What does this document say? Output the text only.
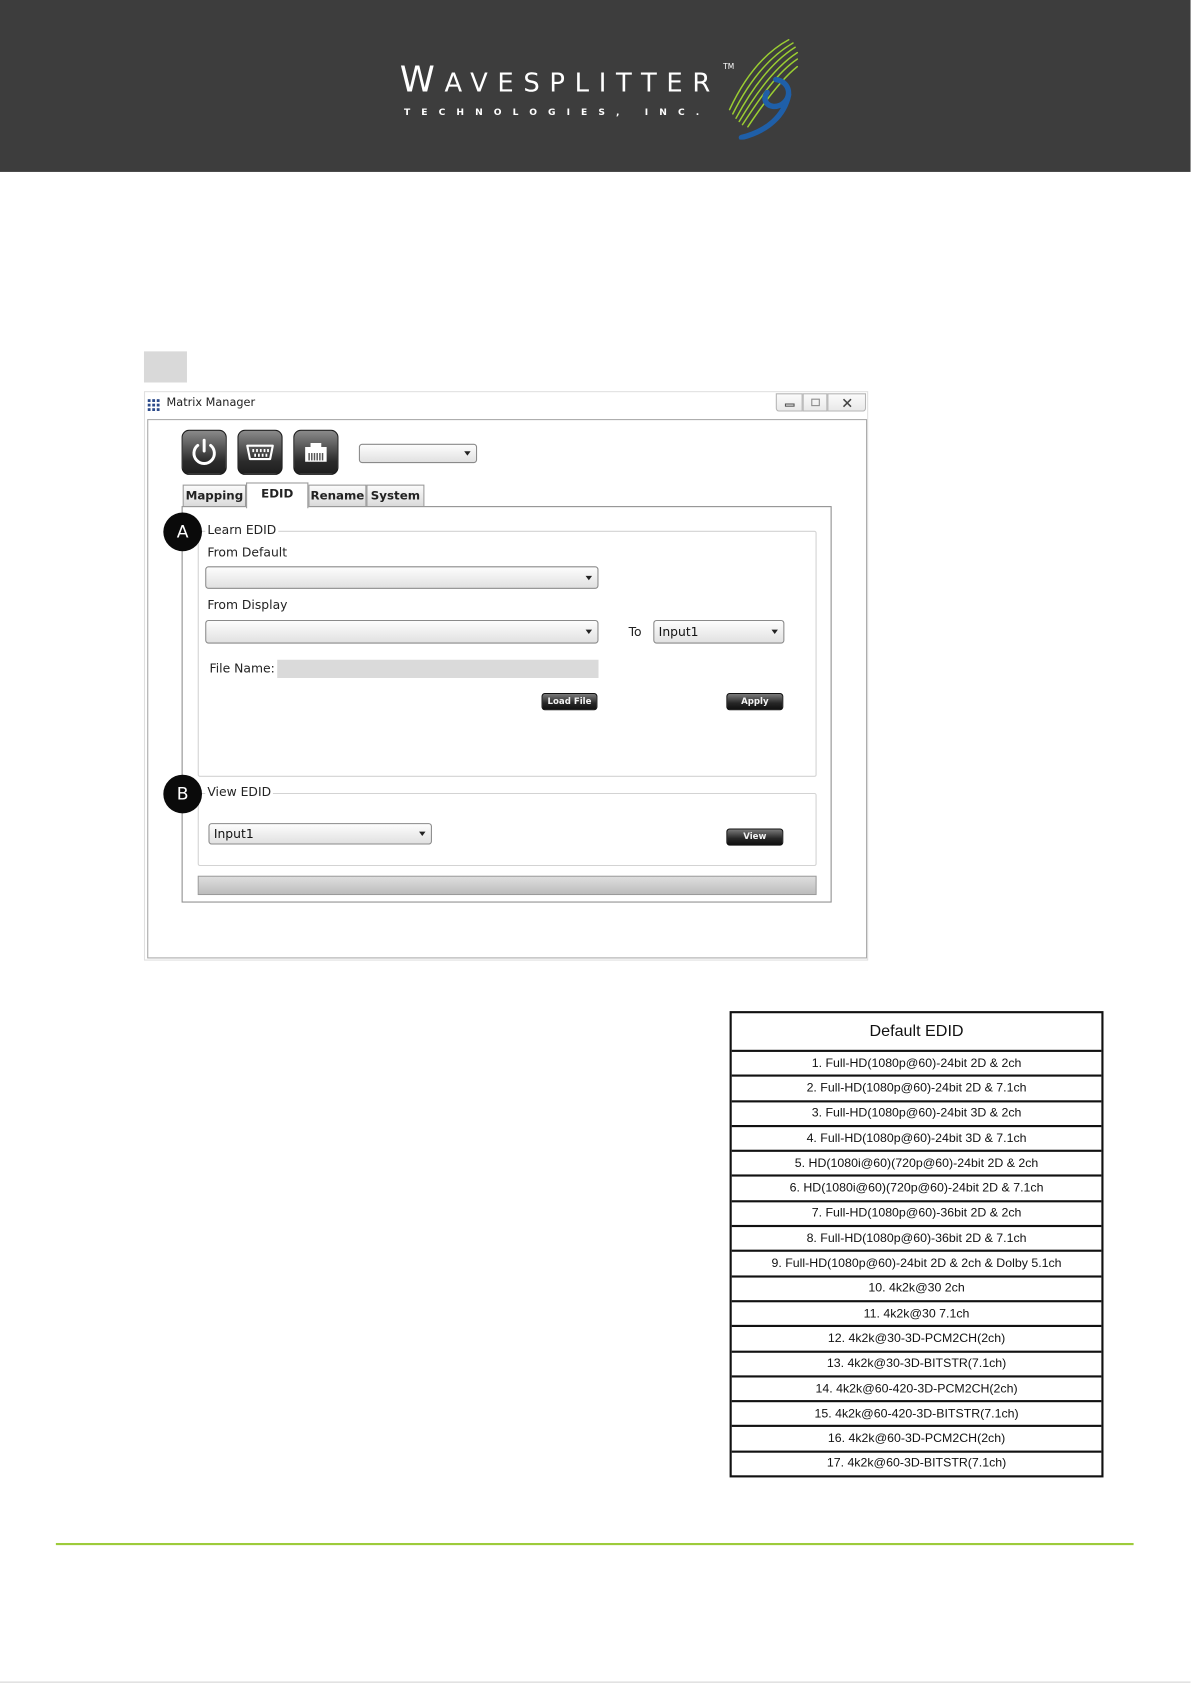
WAVESPLITTER
TM
TECHNOLOGIES, INC.
Matrix Manager
Mapping	EDID	Rename System
Learn EDID
A
From Default
From Display
To	Input1
File Name:
Load File	Apply
View EDID
B
Input1	View
Default EDID
1. Full-HD(1080p@60)-24bit 2D & 2ch
2. Full-HD(1080p@60)-24bit 2D & 7.1ch
3. Full-HD(1080p@60)-24bit 3D & 2ch
4. Full-HD(1080p@60)-24bit 3D & 7.1ch
5. HD(1080i@60)(720p@60)-24bit 2D & 2ch
6. HD(1080i@60)(720p@60)-24bit 2D & 7.1ch
7. Full-HD(1080p@60)-36bit 2D & 2ch
8. Full-HD(1080p@60)-36bit 2D & 7.1ch
9. Full-HD(1080p@60)-24bit 2D & 2ch & Dolby 5.1ch
10. 4k2k@30 2ch
11. 4k2k@30 7.1ch
12. 4k2k@30-3D-PCM2CH(2ch)
13. 4k2k@30-3D-BITSTR(7.1ch)
14. 4k2k@60-420-3D-PCM2CH(2ch)
15. 4k2k@60-420-3D-BITSTR(7.1ch)
16. 4k2k@60-3D-PCM2CH(2ch)
17. 4k2k@60-3D-BITSTR(7.1ch)
